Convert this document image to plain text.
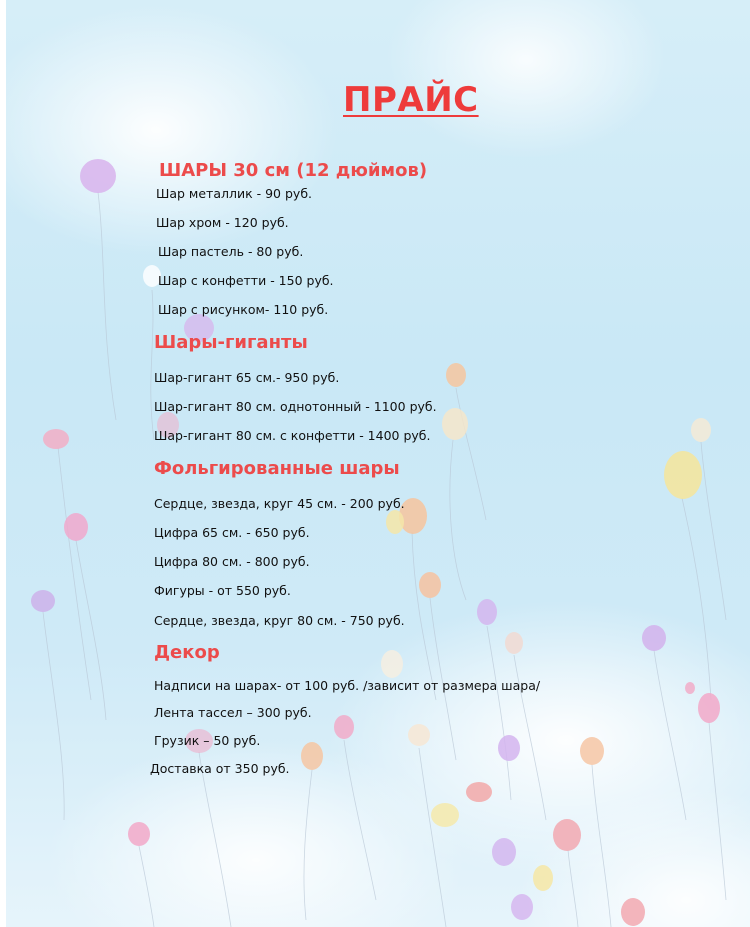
ПРАЙС
ШАРЫ 30 см (12 дюймов)

Шар металлик - 90 руб.

Шар хром - 120 руб.

Шар пастель - 80 руб.

Шар с конфетти - 150 руб.

Шар с рисунком- 110 руб.

Шары-гиганты

Шар-гигант 65 см.- 950 руб.

Шар-гигант 80 см. однотонный - 1100 руб.

Шар-гигант 80 см. с конфетти - 1400 руб.

Фольгированные шары

Сердце, звезда, круг 45 см. - 200 руб.

Цифра 65 см. - 650 руб.

Цифра 80 см. - 800 руб.

Фигуры - от 550 руб.

Сердце, звезда, круг 80 см. - 750 руб.

Декор

Надписи на шарах- от 100 руб. /зависит от размера шара/

Лента тассел – 300 руб.

Грузик – 50 руб.

Доставка от 350 руб.
